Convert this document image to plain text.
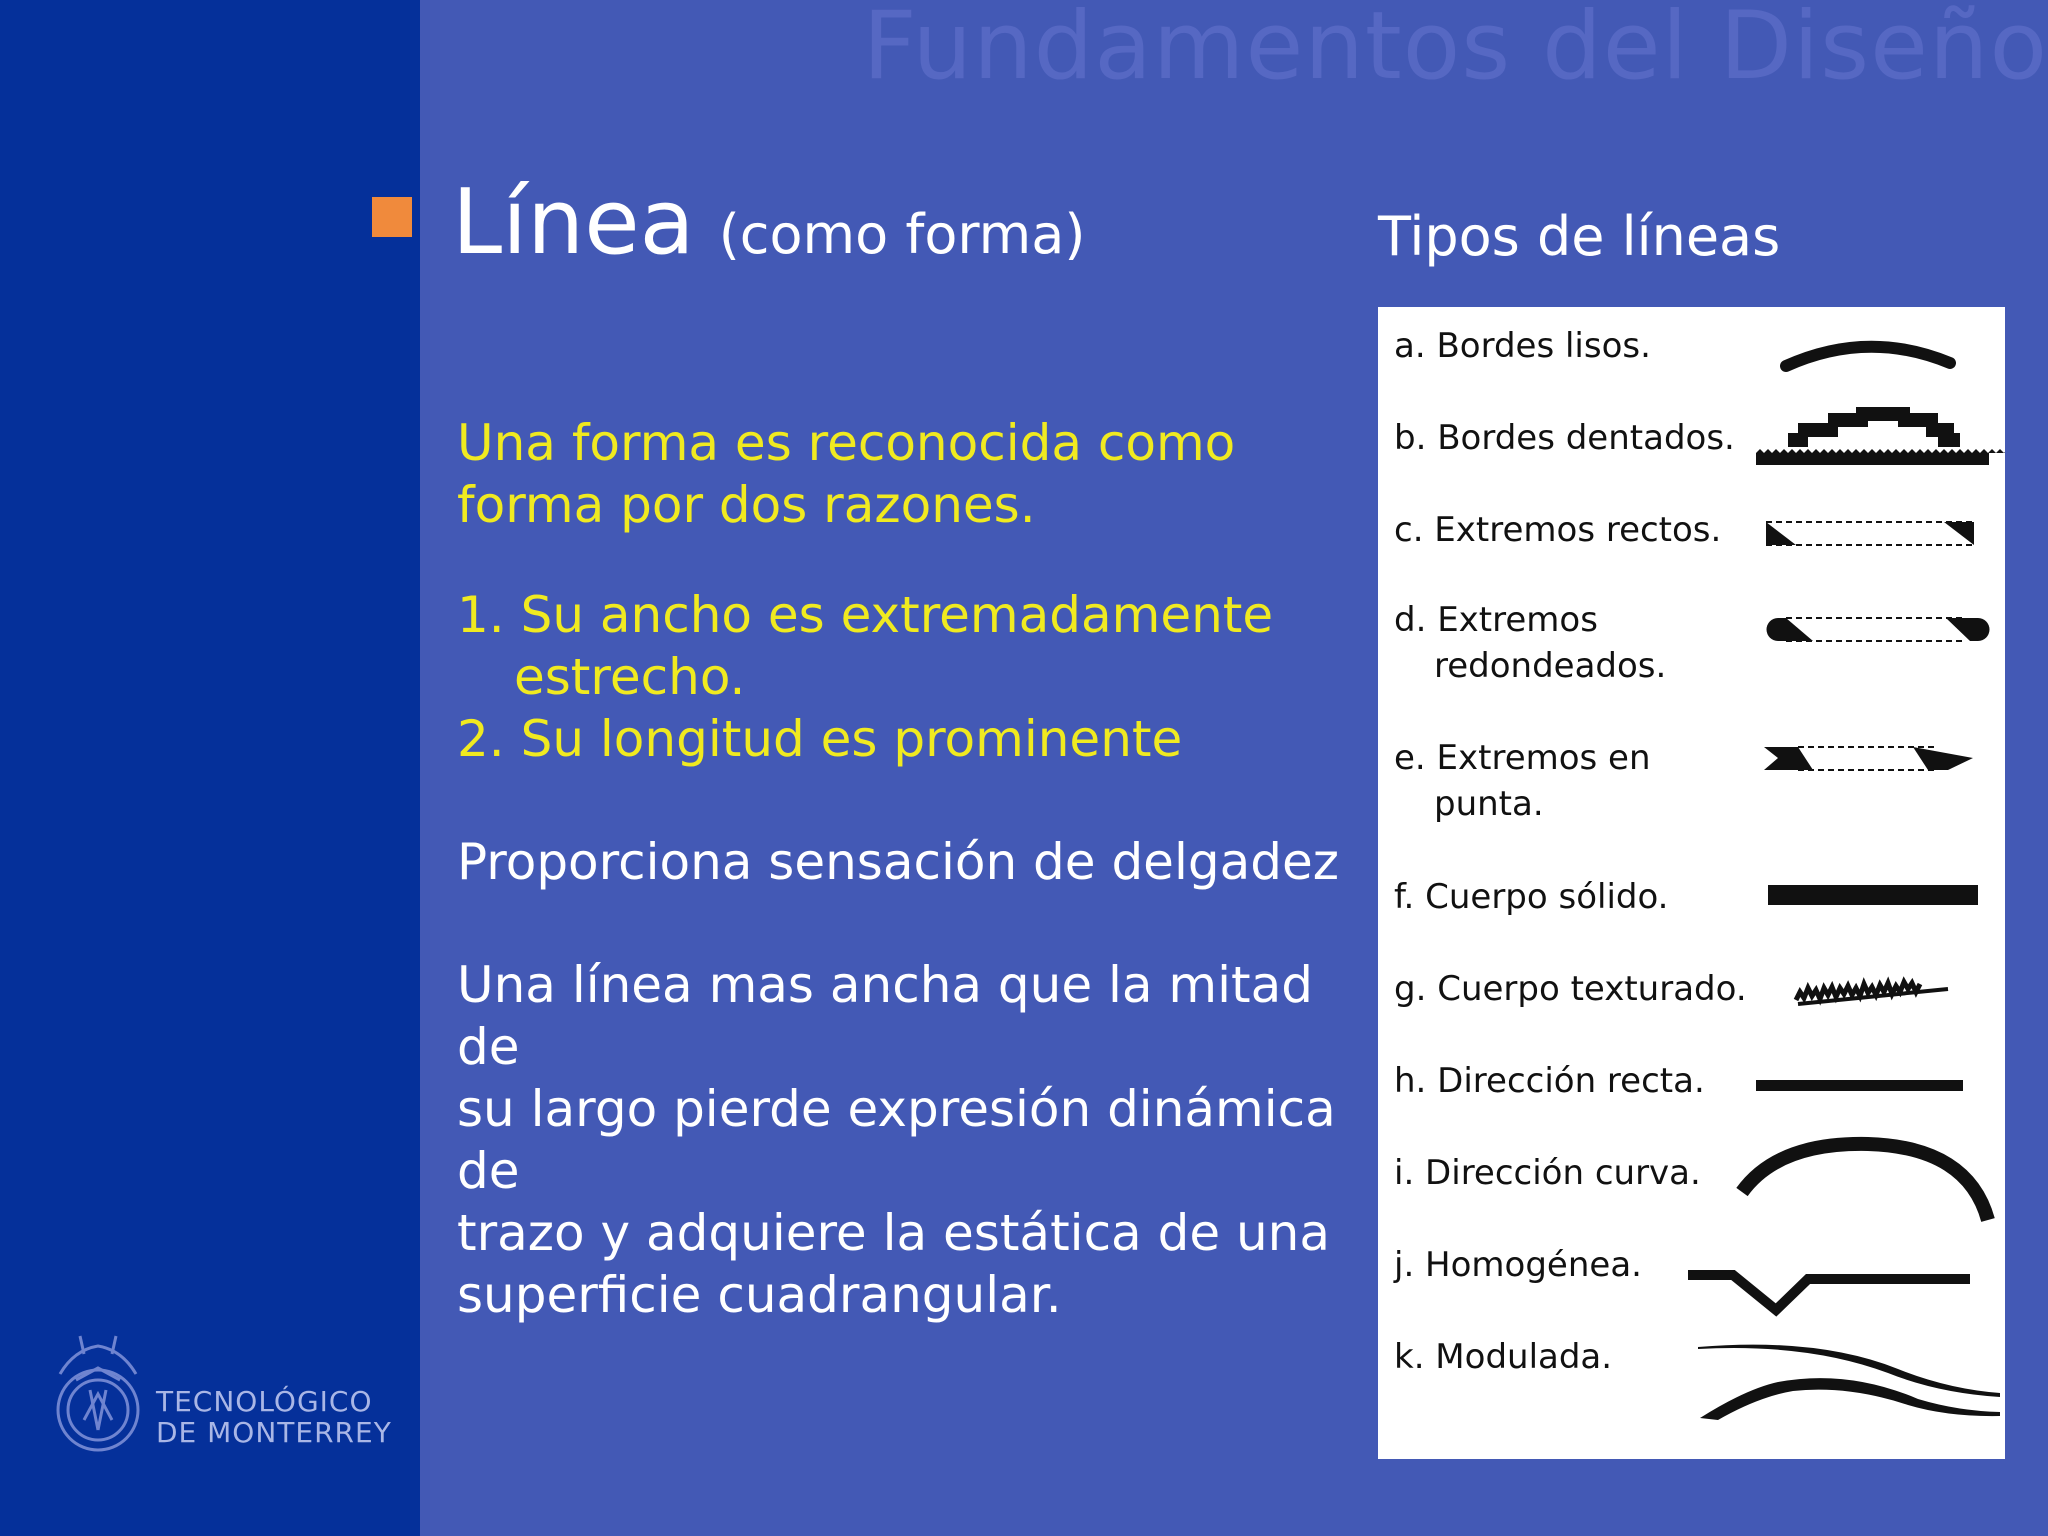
Fundamentos del Diseño
Línea (como forma)

Una forma es reconocida como

forma por dos razones.

1. Su ancho es extremadamente

estrecho.

2. Su longitud es prominente

Proporciona sensación de delgadez

Una línea mas ancha que la mitad de

su largo pierde expresión dinámica de

trazo y adquiere la estática de una

superficie cuadrangular.

Tipos de líneas
a. Bordes lisos.
b. Bordes dentados.
c. Extremos rectos.
d. Extremos
redondeados.
e. Extremos en
punta.
f. Cuerpo sólido.
g. Cuerpo texturado.
h. Dirección recta.
i. Dirección curva.
j. Homogénea.
k. Modulada.
TECNOLÓGICO
DE MONTERREY
